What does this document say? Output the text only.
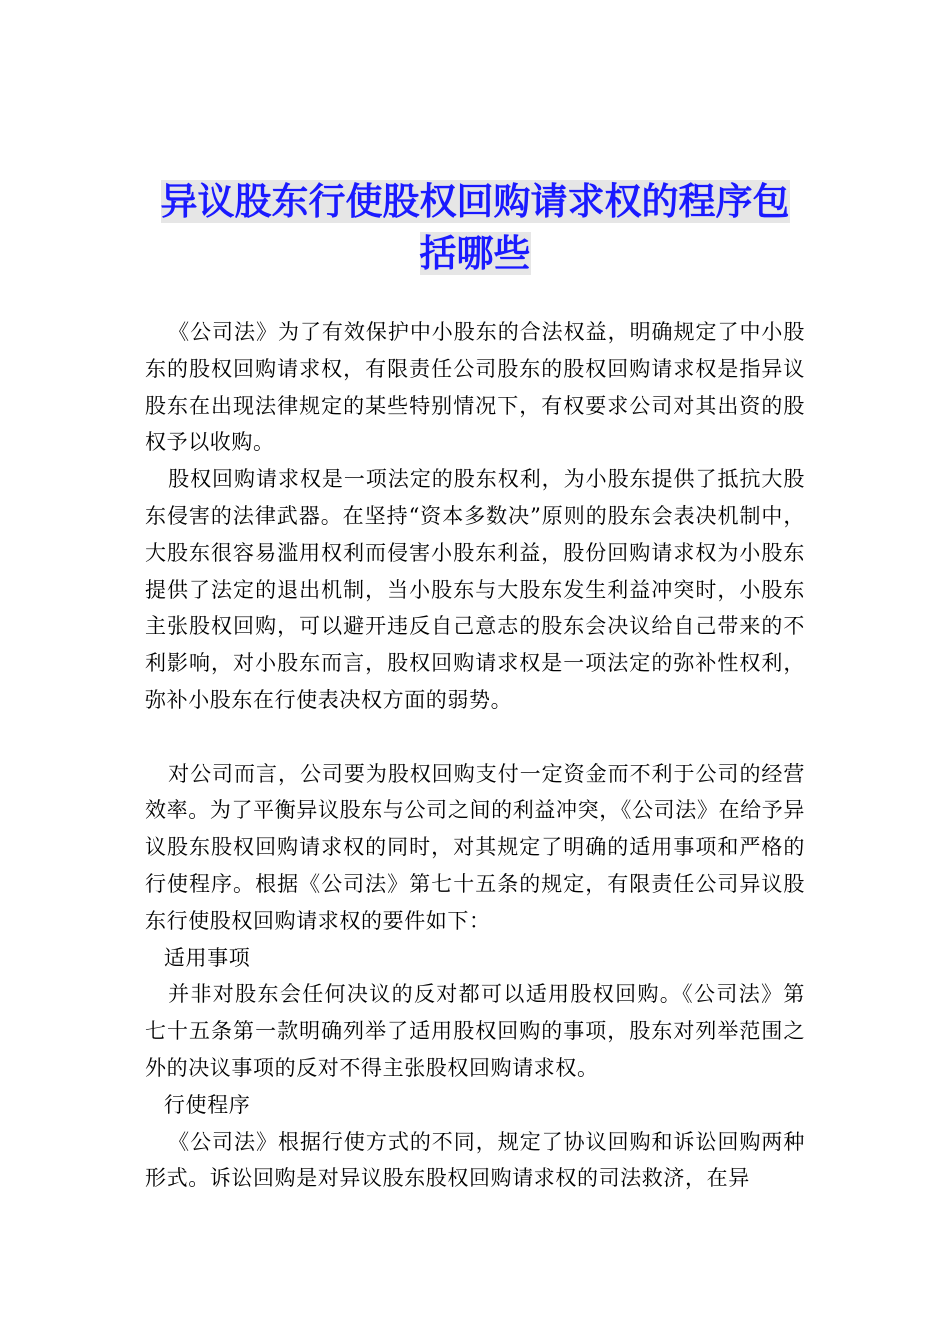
异议股东行使股权回购请求权的程序包
括哪些

《公司法》为了有效保护中小股东的合法权益，明确规定了中小股东的股权回购请求权，有限责任公司股东的股权回购请求权是指异议股东在出现法律规定的某些特别情况下，有权要求公司对其出资的股权予以收购。

股权回购请求权是一项法定的股东权利，为小股东提供了抵抗大股东侵害的法律武器。在坚持“资本多数决”原则的股东会表决机制中，大股东很容易滥用权利而侵害小股东利益，股份回购请求权为小股东提供了法定的退出机制，当小股东与大股东发生利益冲突时，小股东主张股权回购，可以避开违反自己意志的股东会决议给自己带来的不利影响，对小股东而言，股权回购请求权是一项法定的弥补性权利，弥补小股东在行使表决权方面的弱势。

对公司而言，公司要为股权回购支付一定资金而不利于公司的经营效率。为了平衡异议股东与公司之间的利益冲突，《公司法》在给予异议股东股权回购请求权的同时，对其规定了明确的适用事项和严格的行使程序。根据《公司法》第七十五条的规定，有限责任公司异议股东行使股权回购请求权的要件如下：

适用事项

并非对股东会任何决议的反对都可以适用股权回购。《公司法》第七十五条第一款明确列举了适用股权回购的事项，股东对列举范围之外的决议事项的反对不得主张股权回购请求权。

行使程序

《公司法》根据行使方式的不同，规定了协议回购和诉讼回购两种形式。诉讼回购是对异议股东股权回购请求权的司法救济，在异
